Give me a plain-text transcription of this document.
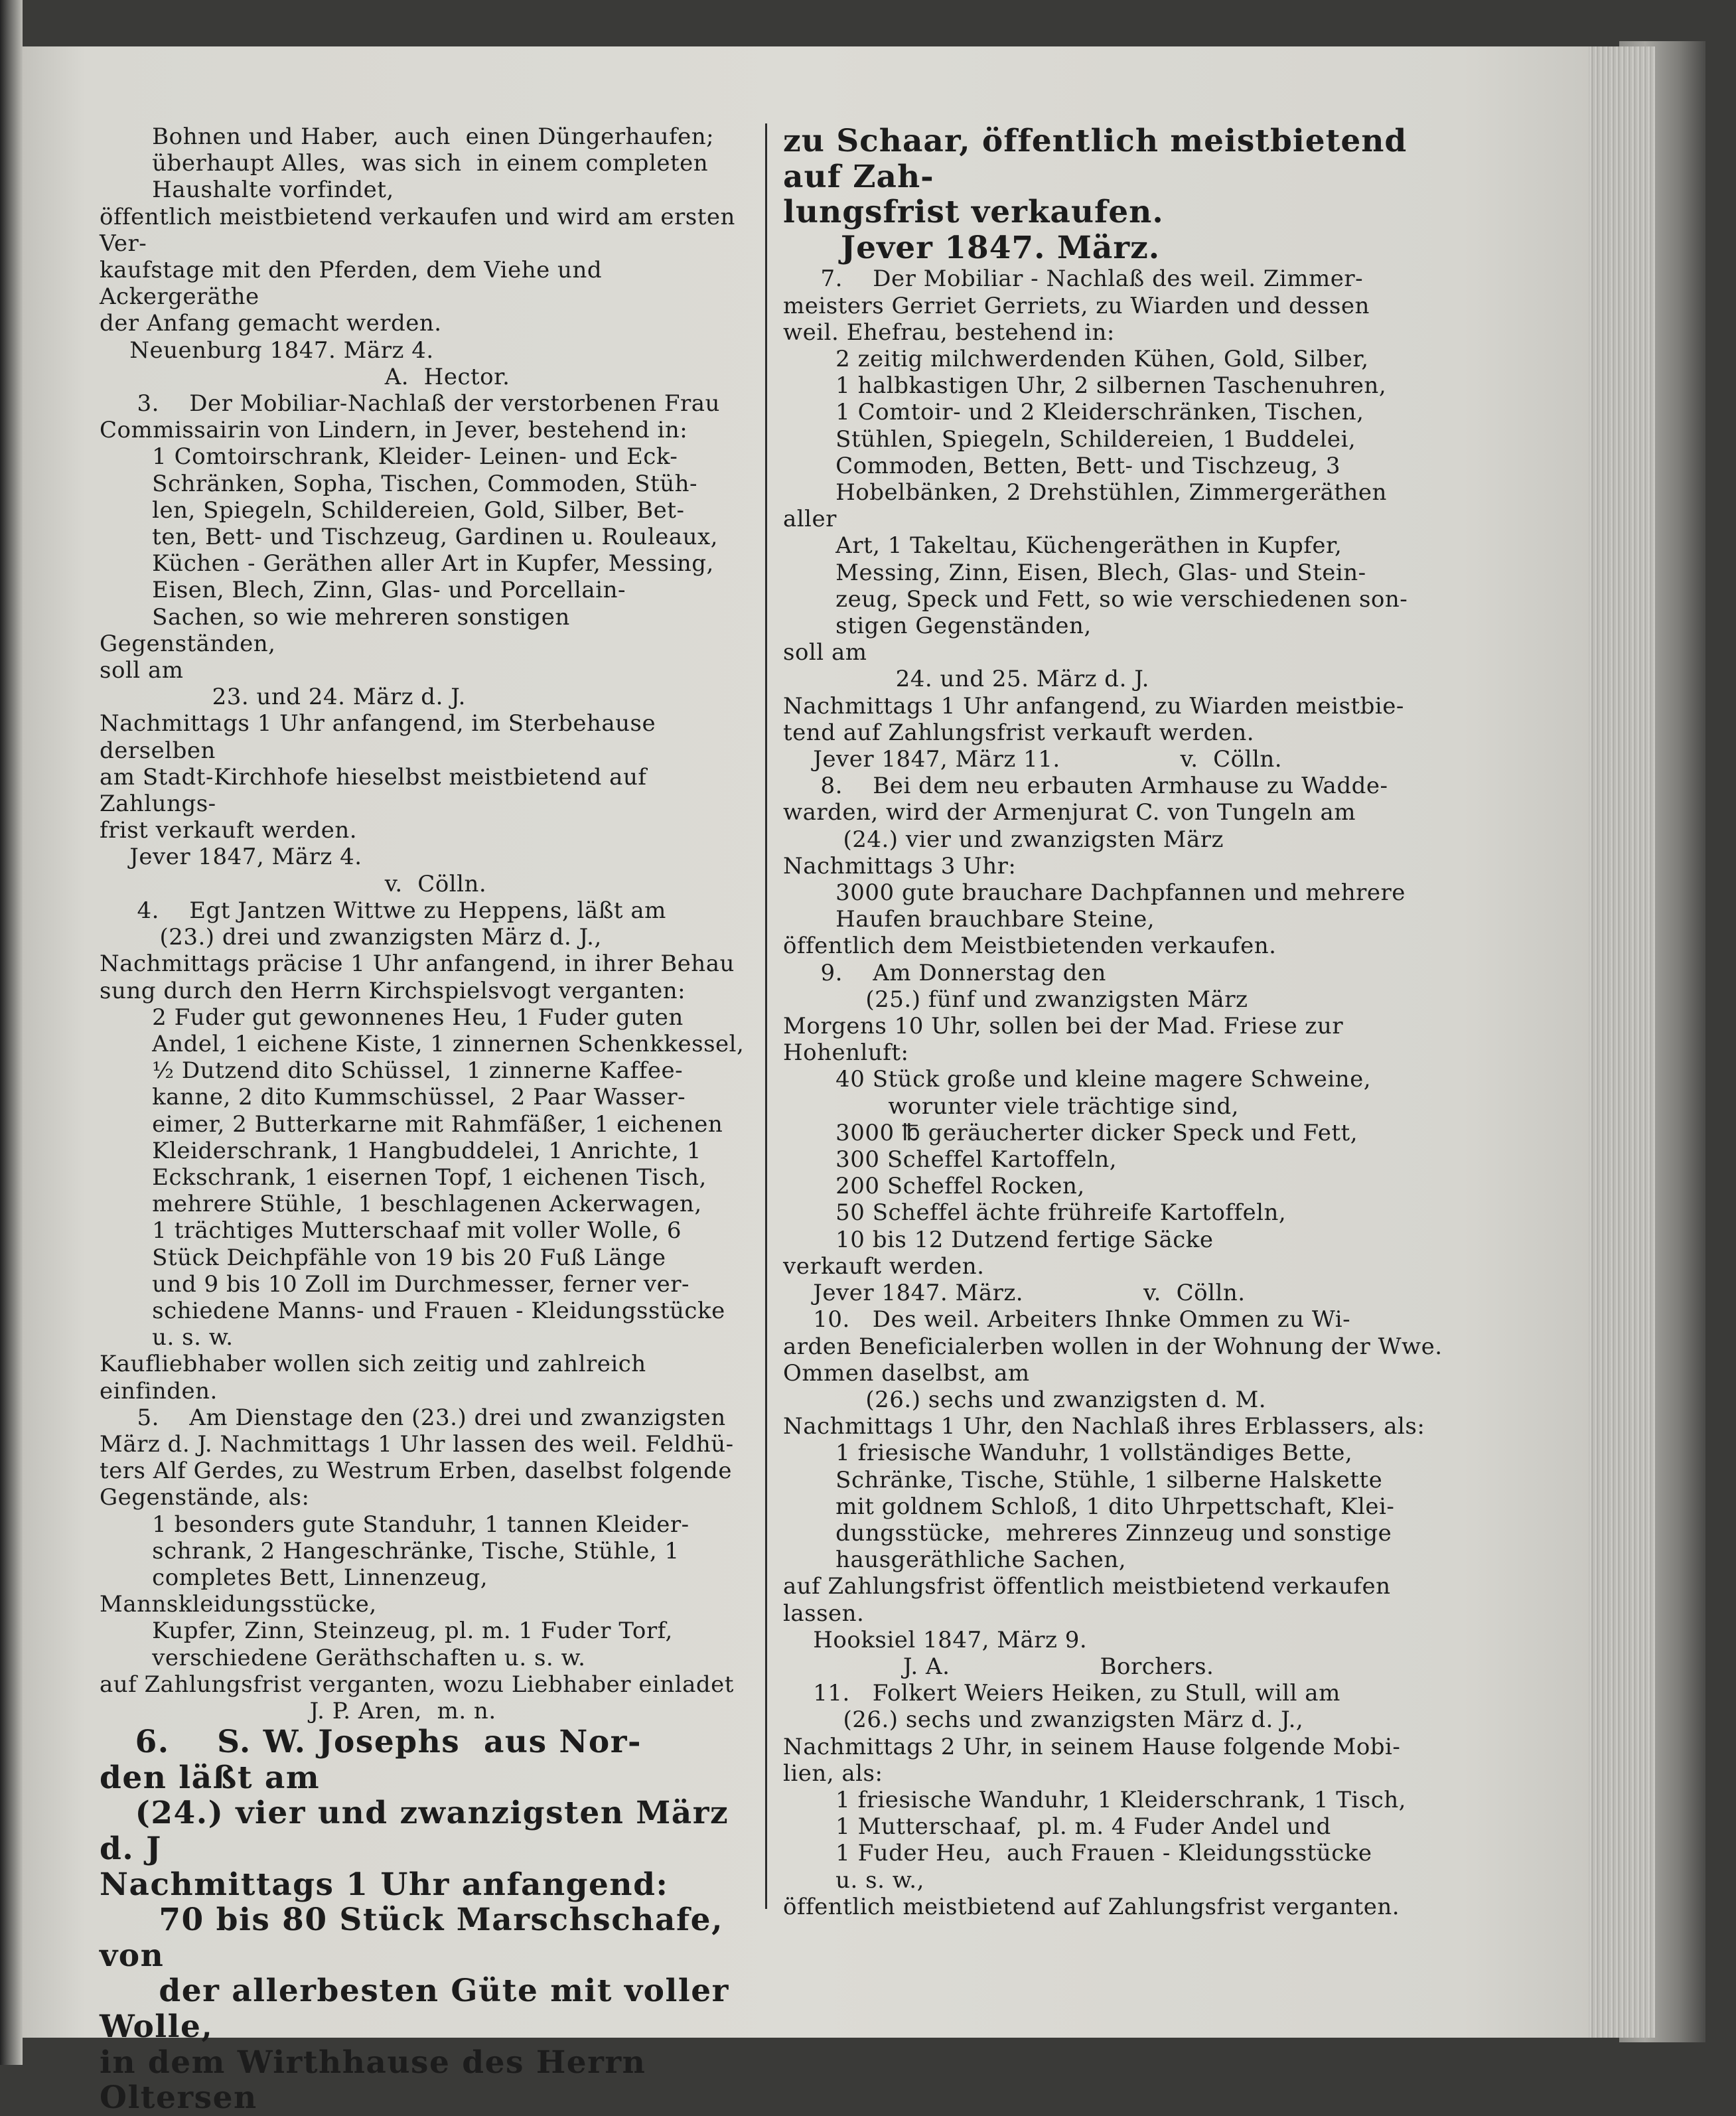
Bohnen und Haber,  auch  einen Düngerhaufen;

überhaupt Alles,  was sich  in einem completen

Haushalte vorfindet,

öffentlich meistbietend verkaufen und wird am ersten Ver-

kaufstage mit den Pferden, dem Viehe und Ackergeräthe

der Anfang gemacht werden.

Neuenburg 1847. März 4.

A.  Hector.

3.    Der Mobiliar-Nachlaß der verstorbenen Frau

Commissairin von Lindern, in Jever, bestehend in:

1 Comtoirschrank, Kleider- Leinen- und Eck-

Schränken, Sopha, Tischen, Commoden, Stüh-

len, Spiegeln, Schildereien, Gold, Silber, Bet-

ten, Bett- und Tischzeug, Gardinen u. Rouleaux,

Küchen - Geräthen aller Art in Kupfer, Messing,

Eisen, Blech, Zinn, Glas- und Porcellain-

Sachen, so wie mehreren sonstigen Gegenständen,

soll am

23. und 24. März d. J.

Nachmittags 1 Uhr anfangend, im Sterbehause derselben

am Stadt-Kirchhofe hieselbst meistbietend auf Zahlungs-

frist verkauft werden.

Jever 1847, März 4.

v.  Cölln.

4.    Egt Jantzen Wittwe zu Heppens, läßt am

(23.) drei und zwanzigsten März d. J.,

Nachmittags präcise 1 Uhr anfangend, in ihrer Behau

sung durch den Herrn Kirchspielsvogt verganten:

2 Fuder gut gewonnenes Heu, 1 Fuder guten

Andel, 1 eichene Kiste, 1 zinnernen Schenkkessel,

½ Dutzend dito Schüssel,  1 zinnerne Kaffee-

kanne, 2 dito Kummschüssel,  2 Paar Wasser-

eimer, 2 Butterkarne mit Rahmfäßer, 1 eichenen

Kleiderschrank, 1 Hangbuddelei, 1 Anrichte, 1

Eckschrank, 1 eisernen Topf, 1 eichenen Tisch,

mehrere Stühle,  1 beschlagenen Ackerwagen,

1 trächtiges Mutterschaaf mit voller Wolle, 6

Stück Deichpfähle von 19 bis 20 Fuß Länge

und 9 bis 10 Zoll im Durchmesser, ferner ver-

schiedene Manns- und Frauen - Kleidungsstücke

u. s. w.

Kaufliebhaber wollen sich zeitig und zahlreich einfinden.

5.    Am Dienstage den (23.) drei und zwanzigsten

März d. J. Nachmittags 1 Uhr lassen des weil. Feldhü-

ters Alf Gerdes, zu Westrum Erben, daselbst folgende

Gegenstände, als:

1 besonders gute Standuhr, 1 tannen Kleider-

schrank, 2 Hangeschränke, Tische, Stühle, 1

completes Bett, Linnenzeug, Mannskleidungsstücke,

Kupfer, Zinn, Steinzeug, pl. m. 1 Fuder Torf,

verschiedene Geräthschaften u. s. w.

auf Zahlungsfrist verganten, wozu Liebhaber einladet

J. P. Aren,  m. n.

6.    S. W. Josephs  aus Nor-

den läßt am

(24.) vier und zwanzigsten März d. J

Nachmittags 1 Uhr anfangend:

70 bis 80 Stück Marschschafe, von

der allerbesten Güte mit voller Wolle,

in dem Wirthhause des Herrn Oltersen

zu Schaar, öffentlich meistbietend auf Zah-

lungsfrist verkaufen.

Jever 1847. März.

7.    Der Mobiliar - Nachlaß des weil. Zimmer-

meisters Gerriet Gerriets, zu Wiarden und dessen

weil. Ehefrau, bestehend in:

2 zeitig milchwerdenden Kühen, Gold, Silber,

1 halbkastigen Uhr, 2 silbernen Taschenuhren,

1 Comtoir- und 2 Kleiderschränken, Tischen,

Stühlen, Spiegeln, Schildereien, 1 Buddelei,

Commoden, Betten, Bett- und Tischzeug, 3

Hobelbänken, 2 Drehstühlen, Zimmergeräthen aller

Art, 1 Takeltau, Küchengeräthen in Kupfer,

Messing, Zinn, Eisen, Blech, Glas- und Stein-

zeug, Speck und Fett, so wie verschiedenen son-

stigen Gegenständen,

soll am

24. und 25. März d. J.

Nachmittags 1 Uhr anfangend, zu Wiarden meistbie-

tend auf Zahlungsfrist verkauft werden.

Jever 1847, März 11.                v.  Cölln.

8.    Bei dem neu erbauten Armhause zu Wadde-

warden, wird der Armenjurat C. von Tungeln am

(24.) vier und zwanzigsten März

Nachmittags 3 Uhr:

3000 gute brauchare Dachpfannen und mehrere

Haufen brauchbare Steine,

öffentlich dem Meistbietenden verkaufen.

9.    Am Donnerstag den

(25.) fünf und zwanzigsten März

Morgens 10 Uhr, sollen bei der Mad. Friese zur

Hohenluft:

40 Stück große und kleine magere Schweine,

worunter viele trächtige sind,

3000 ℔ geräucherter dicker Speck und Fett,

300 Scheffel Kartoffeln,

200 Scheffel Rocken,

50 Scheffel ächte frühreife Kartoffeln,

10 bis 12 Dutzend fertige Säcke

verkauft werden.

Jever 1847. März.                v.  Cölln.

10.   Des weil. Arbeiters Ihnke Ommen zu Wi-

arden Beneficialerben wollen in der Wohnung der Wwe.

Ommen daselbst, am

(26.) sechs und zwanzigsten d. M.

Nachmittags 1 Uhr, den Nachlaß ihres Erblassers, als:

1 friesische Wanduhr, 1 vollständiges Bette,

Schränke, Tische, Stühle, 1 silberne Halskette

mit goldnem Schloß, 1 dito Uhrpettschaft, Klei-

dungsstücke,  mehreres Zinnzeug und sonstige

hausgeräthliche Sachen,

auf Zahlungsfrist öffentlich meistbietend verkaufen lassen.

Hooksiel 1847, März 9.

J. A.                    Borchers.

11.   Folkert Weiers Heiken, zu Stull, will am

(26.) sechs und zwanzigsten März d. J.,

Nachmittags 2 Uhr, in seinem Hause folgende Mobi-

lien, als:

1 friesische Wanduhr, 1 Kleiderschrank, 1 Tisch,

1 Mutterschaaf,  pl. m. 4 Fuder Andel und

1 Fuder Heu,  auch Frauen - Kleidungsstücke

u. s. w.,

öffentlich meistbietend auf Zahlungsfrist verganten.
